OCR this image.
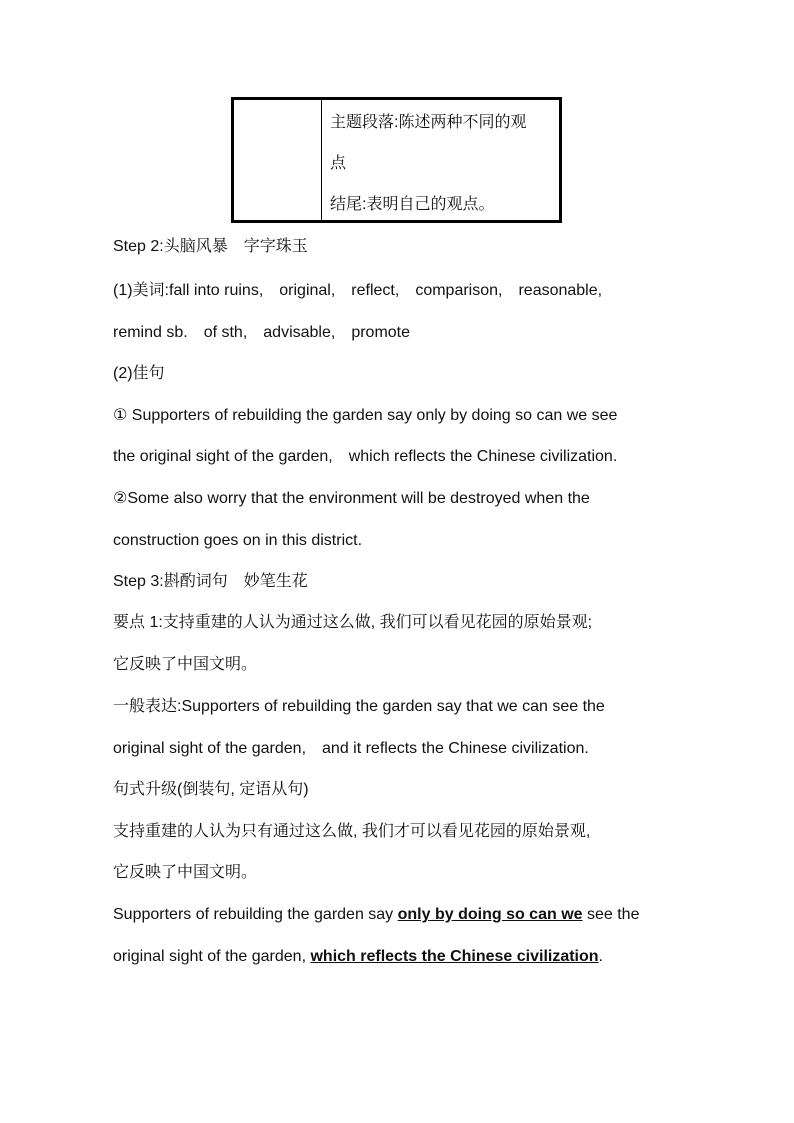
主题段落:陈述两种不同的观
点
结尾:表明自己的观点。
Step 2:头脑风暴　字字珠玉
(1)美词:fall into ruins,　original,　reflect,　comparison,　reasonable,
remind sb.　of sth,　advisable,　promote
(2)佳句
① Supporters of rebuilding the garden say only by doing so can we see
the original sight of the garden,　which reflects the Chinese civilization.
②Some also worry that the environment will be destroyed when the
construction goes on in this district.
Step 3:斟酌词句　妙笔生花
要点 1:支持重建的人认为通过这么做, 我们可以看见花园的原始景观;
它反映了中国文明。
一般表达:Supporters of rebuilding the garden say that we can see the
original sight of the garden,　and it reflects the Chinese civilization.
句式升级(倒装句, 定语从句)
支持重建的人认为只有通过这么做, 我们才可以看见花园的原始景观,
它反映了中国文明。
Supporters of rebuilding the garden say only by doing so can we see the
original sight of the garden, which reflects the Chinese civilization.
